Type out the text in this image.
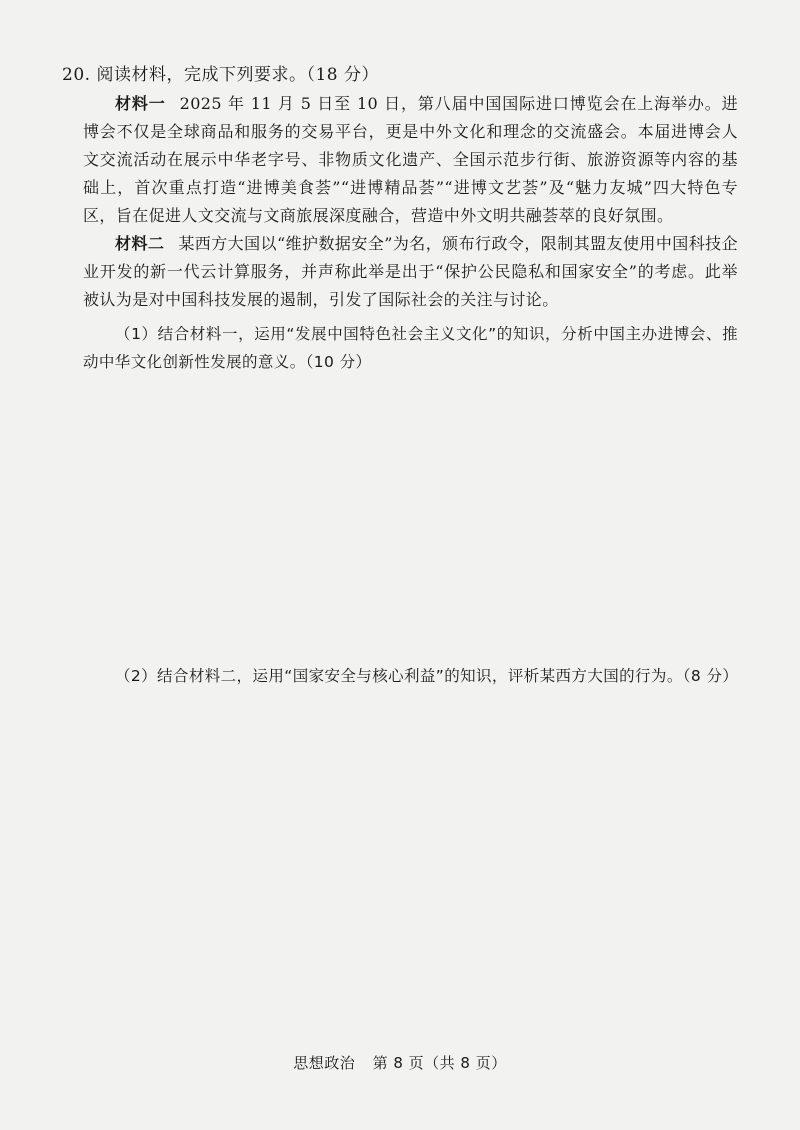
20. 阅读材料，完成下列要求。（18 分）
材料一 2025 年 11 月 5 日至 10 日，第八届中国国际进口博览会在上海举办。进博会不仅是全球商品和服务的交易平台，更是中外文化和理念的交流盛会。本届进博会人文交流活动在展示中华老字号、非物质文化遗产、全国示范步行街、旅游资源等内容的基础上，首次重点打造“进博美食荟”“进博精品荟”“进博文艺荟”及“魅力友城”四大特色专区，旨在促进人文交流与文商旅展深度融合，营造中外文明共融荟萃的良好氛围。
材料二 某西方大国以“维护数据安全”为名，颁布行政令，限制其盟友使用中国科技企业开发的新一代云计算服务，并声称此举是出于“保护公民隐私和国家安全”的考虑。此举被认为是对中国科技发展的遏制，引发了国际社会的关注与讨论。
（1）结合材料一，运用“发展中国特色社会主义文化”的知识，分析中国主办进博会、推动中华文化创新性发展的意义。（10 分）
（2）结合材料二，运用“国家安全与核心利益”的知识，评析某西方大国的行为。（8 分）
思想政治 第 8 页（共 8 页）
